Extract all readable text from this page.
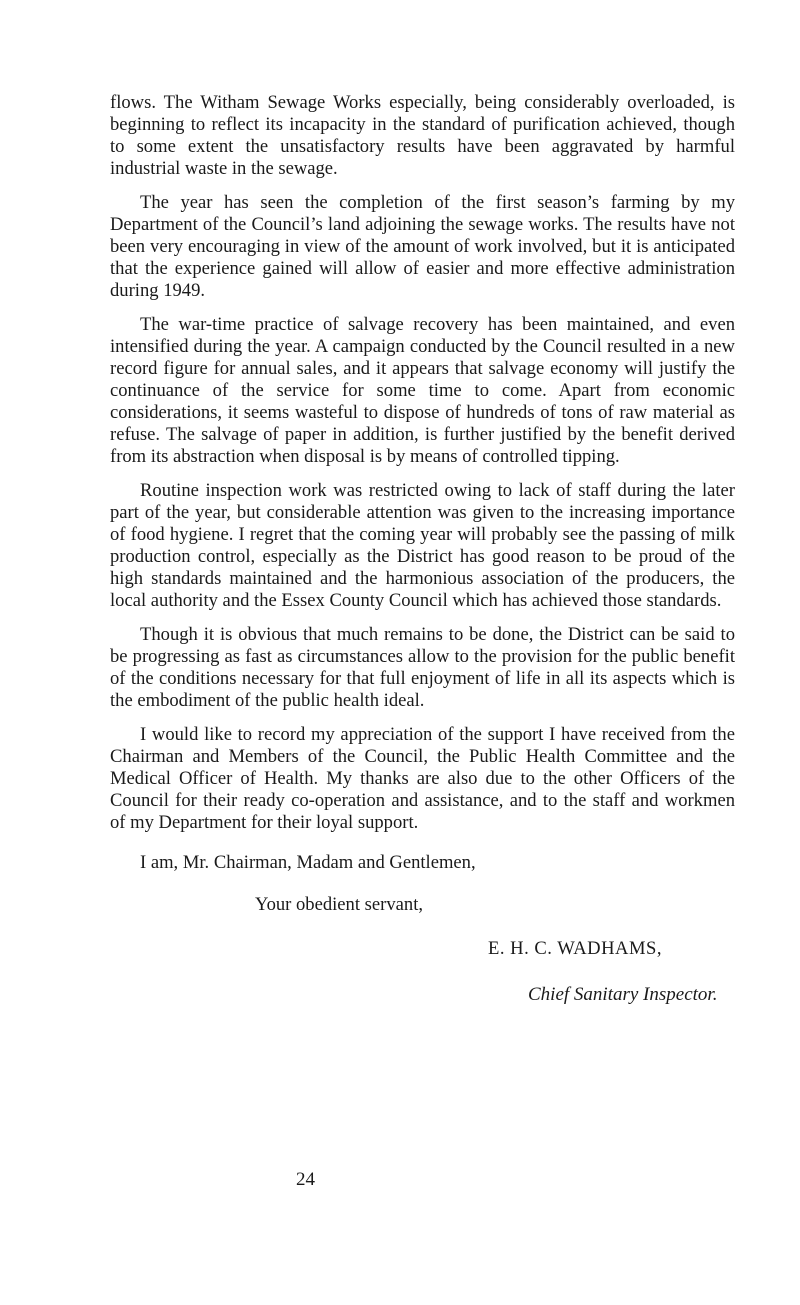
flows. The Witham Sewage Works especially, being considerably overloaded, is beginning to reflect its incapacity in the standard of purification achieved, though to some extent the unsatisfactory results have been aggravated by harmful industrial waste in the sewage.

The year has seen the completion of the first season’s farming by my Department of the Council’s land adjoining the sewage works. The results have not been very encouraging in view of the amount of work involved, but it is anticipated that the experience gained will allow of easier and more effective administration during 1949.

The war-time practice of salvage recovery has been maintained, and even intensified during the year. A campaign conducted by the Council resulted in a new record figure for annual sales, and it appears that salvage economy will justify the continuance of the service for some time to come. Apart from economic considerations, it seems wasteful to dispose of hundreds of tons of raw material as refuse. The salvage of paper in addition, is further justified by the benefit derived from its abstraction when disposal is by means of controlled tipping.

Routine inspection work was restricted owing to lack of staff during the later part of the year, but considerable attention was given to the increasing importance of food hygiene. I regret that the coming year will probably see the passing of milk production control, especially as the District has good reason to be proud of the high standards maintained and the harmonious association of the producers, the local authority and the Essex County Council which has achieved those standards.

Though it is obvious that much remains to be done, the District can be said to be progressing as fast as circumstances allow to the provision for the public benefit of the conditions necessary for that full enjoyment of life in all its aspects which is the embodiment of the public health ideal.

I would like to record my appreciation of the support I have received from the Chairman and Members of the Council, the Public Health Committee and the Medical Officer of Health. My thanks are also due to the other Officers of the Council for their ready co-operation and assistance, and to the staff and workmen of my Department for their loyal support.

I am, Mr. Chairman, Madam and Gentlemen,
Your obedient servant,
E. H. C. WADHAMS,
Chief Sanitary Inspector.
24
